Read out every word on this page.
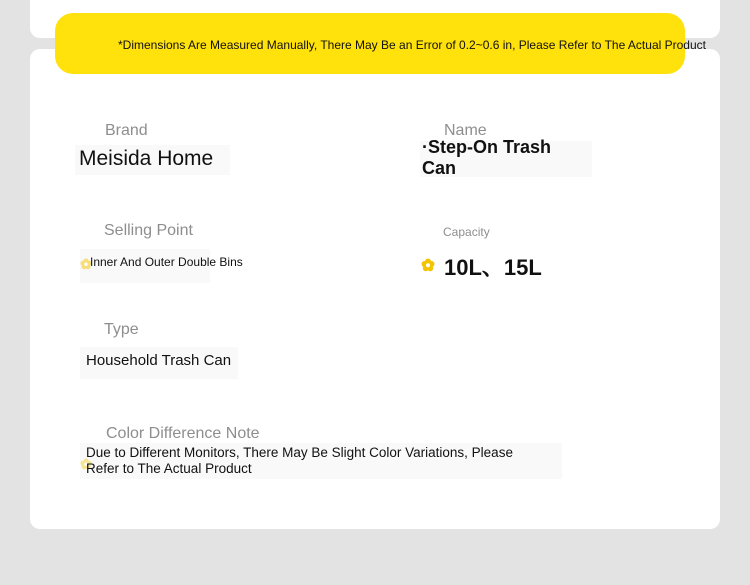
*Dimensions Are Measured Manually, There May Be an Error of 0.2~0.6 in, Please Refer to The Actual Product
Brand
Meisida Home
Name
·Step-On Trash
Can
Selling Point
Inner And Outer Double Bins
Capacity
10L、15L
Type
Household Trash Can
Color Difference Note
Due to Different Monitors, There May Be Slight Color Variations, Please
Refer to The Actual Product
